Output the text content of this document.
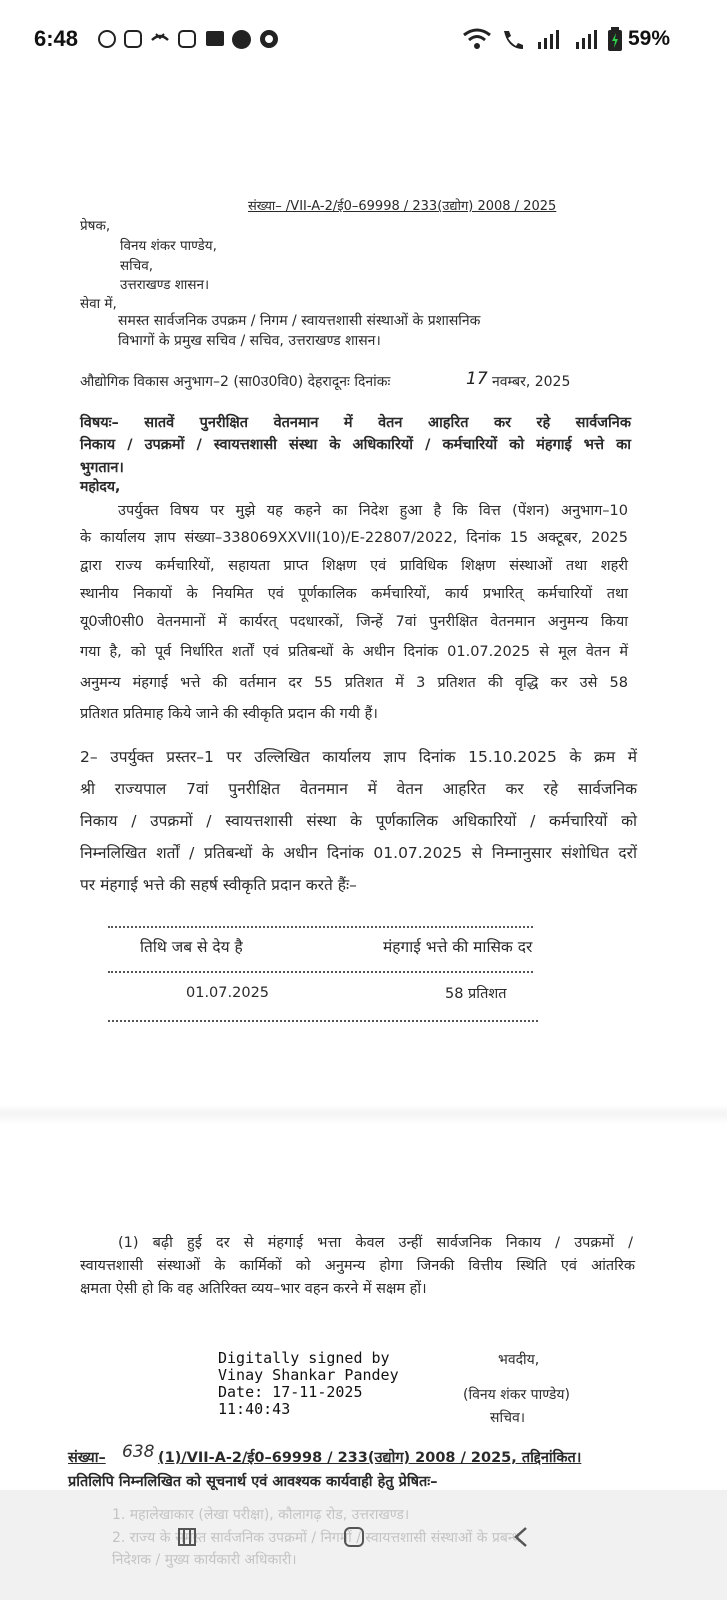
6:48	59%
संख्या– /VII-A-2/ई0–69998 / 233(उद्योग) 2008 / 2025
प्रेषक,
विनय शंकर पाण्डेय,
सचिव,
उत्तराखण्ड शासन।
सेवा में,
समस्त सार्वजनिक उपक्रम / निगम / स्वायत्तशासी संस्थाओं के प्रशासनिक
विभागों के प्रमुख सचिव / सचिव, उत्तराखण्ड शासन।
औद्योगिक विकास अनुभाग–2 (सा0उ0वि0) देहरादूनः दिनांकः	17 नवम्बर, 2025
विषयः– सातवें पुनरीक्षित वेतनमान में वेतन आहरित कर रहे सार्वजनिक
निकाय / उपक्रमों / स्वायत्तशासी संस्था के अधिकारियों / कर्मचारियों को मंहगाई भत्ते का
भुगतान।
महोदय,
उपर्युक्त विषय पर मुझे यह कहने का निदेश हुआ है कि वित्त (पेंशन) अनुभाग–10
के कार्यालय ज्ञाप संख्या–338069XXVII(10)/E-22807/2022, दिनांक 15 अक्टूबर, 2025
द्वारा राज्य कर्मचारियों, सहायता प्राप्त शिक्षण एवं प्राविधिक शिक्षण संस्थाओं तथा शहरी
स्थानीय निकायों के नियमित एवं पूर्णकालिक कर्मचारियों, कार्य प्रभारित् कर्मचारियों तथा
यू0जी0सी0 वेतनमानों में कार्यरत् पदधारकों, जिन्हें 7वां पुनरीक्षित वेतनमान अनुमन्य किया
गया है, को पूर्व निर्धारित शर्तों एवं प्रतिबन्धों के अधीन दिनांक 01.07.2025 से मूल वेतन में
अनुमन्य मंहगाई भत्ते की वर्तमान दर 55 प्रतिशत में 3 प्रतिशत की वृद्धि कर उसे 58
प्रतिशत प्रतिमाह किये जाने की स्वीकृति प्रदान की गयी हैं।
2– उपर्युक्त प्रस्तर–1 पर उल्लिखित कार्यालय ज्ञाप दिनांक 15.10.2025 के क्रम में
श्री राज्यपाल 7वां पुनरीक्षित वेतनमान में वेतन आहरित कर रहे सार्वजनिक
निकाय / उपक्रमों / स्वायत्तशासी संस्था के पूर्णकालिक अधिकारियों / कर्मचारियों को
निम्नलिखित शर्तों / प्रतिबन्धों के अधीन दिनांक 01.07.2025 से निम्नानुसार संशोधित दरों
पर मंहगाई भत्ते की सहर्ष स्वीकृति प्रदान करते हैंः–
तिथि जब से देय है	मंहगाई भत्ते की मासिक दर
01.07.2025	58 प्रतिशत
(1) बढ़ी हुई दर से मंहगाई भत्ता केवल उन्हीं सार्वजनिक निकाय / उपक्रमों /
स्वायत्तशासी संस्थाओं के कार्मिकों को अनुमन्य होगा जिनकी वित्तीय स्थिति एवं आंतरिक
क्षमता ऐसी हो कि वह अतिरिक्त व्यय–भार वहन करने में सक्षम हों।
Digitally signed by
Vinay Shankar Pandey
Date: 17-11-2025
11:40:43
भवदीय,
(विनय शंकर पाण्डेय)
सचिव।
संख्या– 638 (1)/VII-A-2/ई0–69998 / 233(उद्योग) 2008 / 2025, तद्दिनांकित।
प्रतिलिपि निम्नलिखित को सूचनार्थ एवं आवश्यक कार्यवाही हेतु प्रेषितः–
